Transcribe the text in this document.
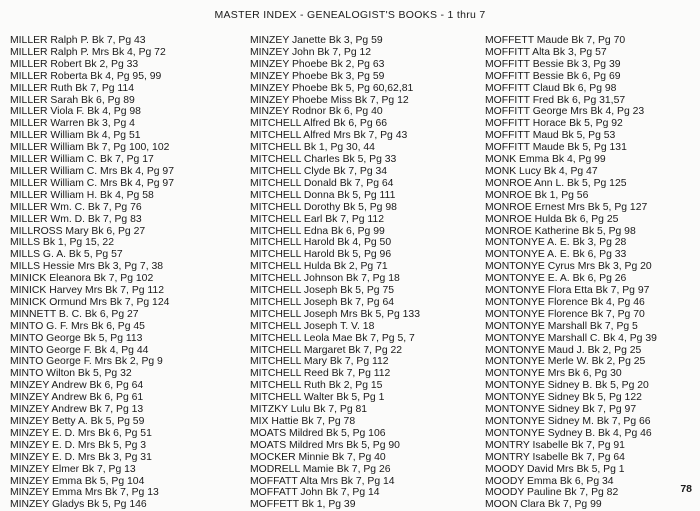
MASTER INDEX - GENEALOGIST'S BOOKS - 1 thru 7
MILLER Ralph P. Bk 7, Pg 43
MILLER Ralph P. Mrs Bk 4, Pg 72
MILLER Robert Bk 2, Pg 33
MILLER Roberta Bk 4, Pg 95, 99
MILLER Ruth Bk 7, Pg 114
MILLER Sarah Bk 6, Pg 89
MILLER Viola F. Bk 4, Pg 98
MILLER Warren Bk 3, Pg 4
MILLER William Bk 4, Pg 51
MILLER William Bk 7, Pg 100, 102
MILLER William C. Bk 7, Pg 17
MILLER William C. Mrs Bk 4, Pg 97
MILLER William C. Mrs Bk 4, Pg 97
MILLER William H. Bk 4, Pg 58
MILLER Wm. C. Bk 7, Pg 76
MILLER Wm. D. Bk 7, Pg 83
MILLROSS Mary Bk 6, Pg 27
MILLS Bk 1, Pg 15, 22
MILLS G. A. Bk 5, Pg 57
MILLS Hessie Mrs Bk 3, Pg 7, 38
MINICK Eleanora Bk 7, Pg 102
MINICK Harvey Mrs Bk 7, Pg 112
MINICK Ormund Mrs Bk 7, Pg 124
MINNETT B. C. Bk 6, Pg 27
MINTO G. F. Mrs Bk 6, Pg 45
MINTO George Bk 5, Pg 113
MINTO George F. Bk 4, Pg 44
MINTO George F. Mrs Bk 2, Pg 9
MINTO Wilton Bk 5, Pg 32
MINZEY Andrew Bk 6, Pg 64
MINZEY Andrew Bk 6, Pg 61
MINZEY Andrew Bk 7, Pg 13
MINZEY Betty A. Bk 5, Pg 59
MINZEY E. D. Mrs Bk 6, Pg 51
MINZEY E. D. Mrs Bk 5, Pg 3
MINZEY E. D. Mrs Bk 3, Pg 31
MINZEY Elmer Bk 7, Pg 13
MINZEY Emma Bk 5, Pg 104
MINZEY Emma Mrs Bk 7, Pg 13
MINZEY Gladys Bk 5, Pg 146
MINZEY Janette Bk 3, Pg 59
MINZEY John Bk 7, Pg 12
MINZEY Phoebe Bk 2, Pg 63
MINZEY Phoebe Bk 3, Pg 59
MINZEY Phoebe Bk 5, Pg 60,62,81
MINZEY Phoebe Miss Bk 7, Pg 12
MINZEY Rodnor Bk 6, Pg 40
MITCHELL Alfred Bk 6, Pg 66
MITCHELL Alfred Mrs Bk 7, Pg 43
MITCHELL Bk 1, Pg 30, 44
MITCHELL Charles Bk 5, Pg 33
MITCHELL Clyde Bk 7, Pg 34
MITCHELL Donald Bk 7, Pg 64
MITCHELL Donna Bk 5, Pg 111
MITCHELL Dorothy Bk 5, Pg 98
MITCHELL Earl Bk 7, Pg 112
MITCHELL Edna Bk 6, Pg 99
MITCHELL Harold Bk 4, Pg 50
MITCHELL Harold Bk 5, Pg 96
MITCHELL Hulda Bk 2, Pg 71
MITCHELL Johnson Bk 7, Pg 18
MITCHELL Joseph Bk 5, Pg 75
MITCHELL Joseph Bk 7, Pg 64
MITCHELL Joseph Mrs Bk 5, Pg 133
MITCHELL Joseph T. V. 18
MITCHELL Leola Mae Bk 7, Pg 5, 7
MITCHELL Margaret Bk 7, Pg 22
MITCHELL Mary Bk 7, Pg 112
MITCHELL Reed Bk 7, Pg 112
MITCHELL Ruth Bk 2, Pg 15
MITCHELL Walter Bk 5, Pg 1
MITZKY Lulu Bk 7, Pg 81
MIX Hattie Bk 7, Pg 78
MOATS Mildred Bk 5, Pg 106
MOATS Mildred Mrs Bk 5, Pg 90
MOCKER Minnie Bk 7, Pg 40
MODRELL Mamie Bk 7, Pg 26
MOFFATT Alta Mrs Bk 7, Pg 14
MOFFATT John Bk 7, Pg 14
MOFFETT Bk 1, Pg 39
MOFFETT Maude Bk 7, Pg 70
MOFFITT Alta Bk 3, Pg 57
MOFFITT Bessie Bk 3, Pg 39
MOFFITT Bessie Bk 6, Pg 69
MOFFITT Claud Bk 6, Pg 98
MOFFITT Fred Bk 6, Pg 31,57
MOFFITT George Mrs Bk 4, Pg 23
MOFFITT Horace Bk 5, Pg 92
MOFFITT Maud Bk 5, Pg 53
MOFFITT Maude Bk 5, Pg 131
MONK Emma Bk 4, Pg 99
MONK Lucy Bk 4, Pg 47
MONROE Ann L. Bk 5, Pg 125
MONROE Bk 1, Pg 56
MONROE Ernest Mrs Bk 5, Pg 127
MONROE Hulda Bk 6, Pg 25
MONROE Katherine Bk 5, Pg 98
MONTONYE A. E. Bk 3, Pg 28
MONTONYE A. E. Bk 6, Pg 33
MONTONYE Cyrus Mrs Bk 3, Pg 20
MONTONYE E. A. Bk 6, Pg 26
MONTONYE Flora Etta Bk 7, Pg 97
MONTONYE Florence Bk 4, Pg 46
MONTONYE Florence Bk 7, Pg 70
MONTONYE Marshall Bk 7, Pg 5
MONTONYE Marshall C. Bk 4, Pg 39
MONTONYE Maud J. Bk 2, Pg 25
MONTONYE Merle W. Bk 2, Pg 25
MONTONYE Mrs Bk 6, Pg 30
MONTONYE Sidney B. Bk 5, Pg 20
MONTONYE Sidney Bk 5, Pg 122
MONTONYE Sidney Bk 7, Pg 97
MONTONYE Sidney M. Bk 7, Pg 66
MONTONYE Sydney B. Bk 4, Pg 46
MONTRY Isabelle Bk 7, Pg 91
MONTRY Isabelle Bk 7, Pg 64
MOODY David Mrs Bk 5, Pg 1
MOODY Emma Bk 6, Pg 34
MOODY Pauline Bk 7, Pg 82
MOON Clara Bk 7, Pg 99
78
